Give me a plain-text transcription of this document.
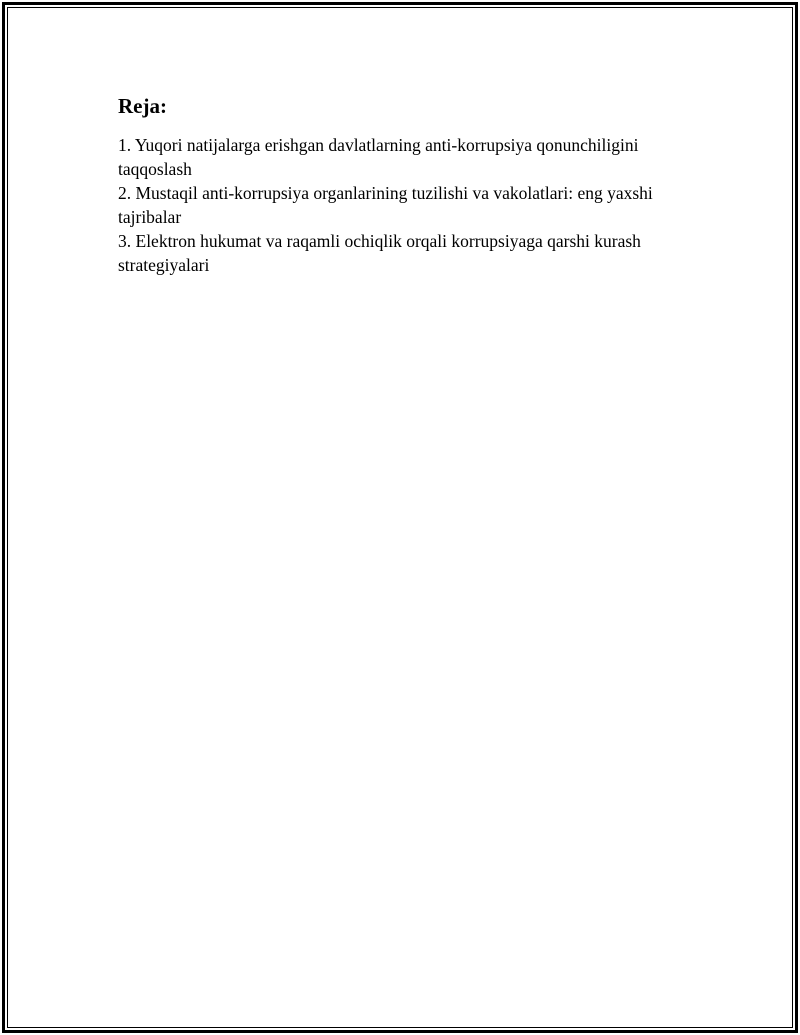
Reja:

1. Yuqori natijalarga erishgan davlatlarning anti-korrupsiya qonunchiligini taqqoslash

2. Mustaqil anti-korrupsiya organlarining tuzilishi va vakolatlari: eng yaxshi tajribalar

3. Elektron hukumat va raqamli ochiqlik orqali korrupsiyaga qarshi kurash strategiyalari
